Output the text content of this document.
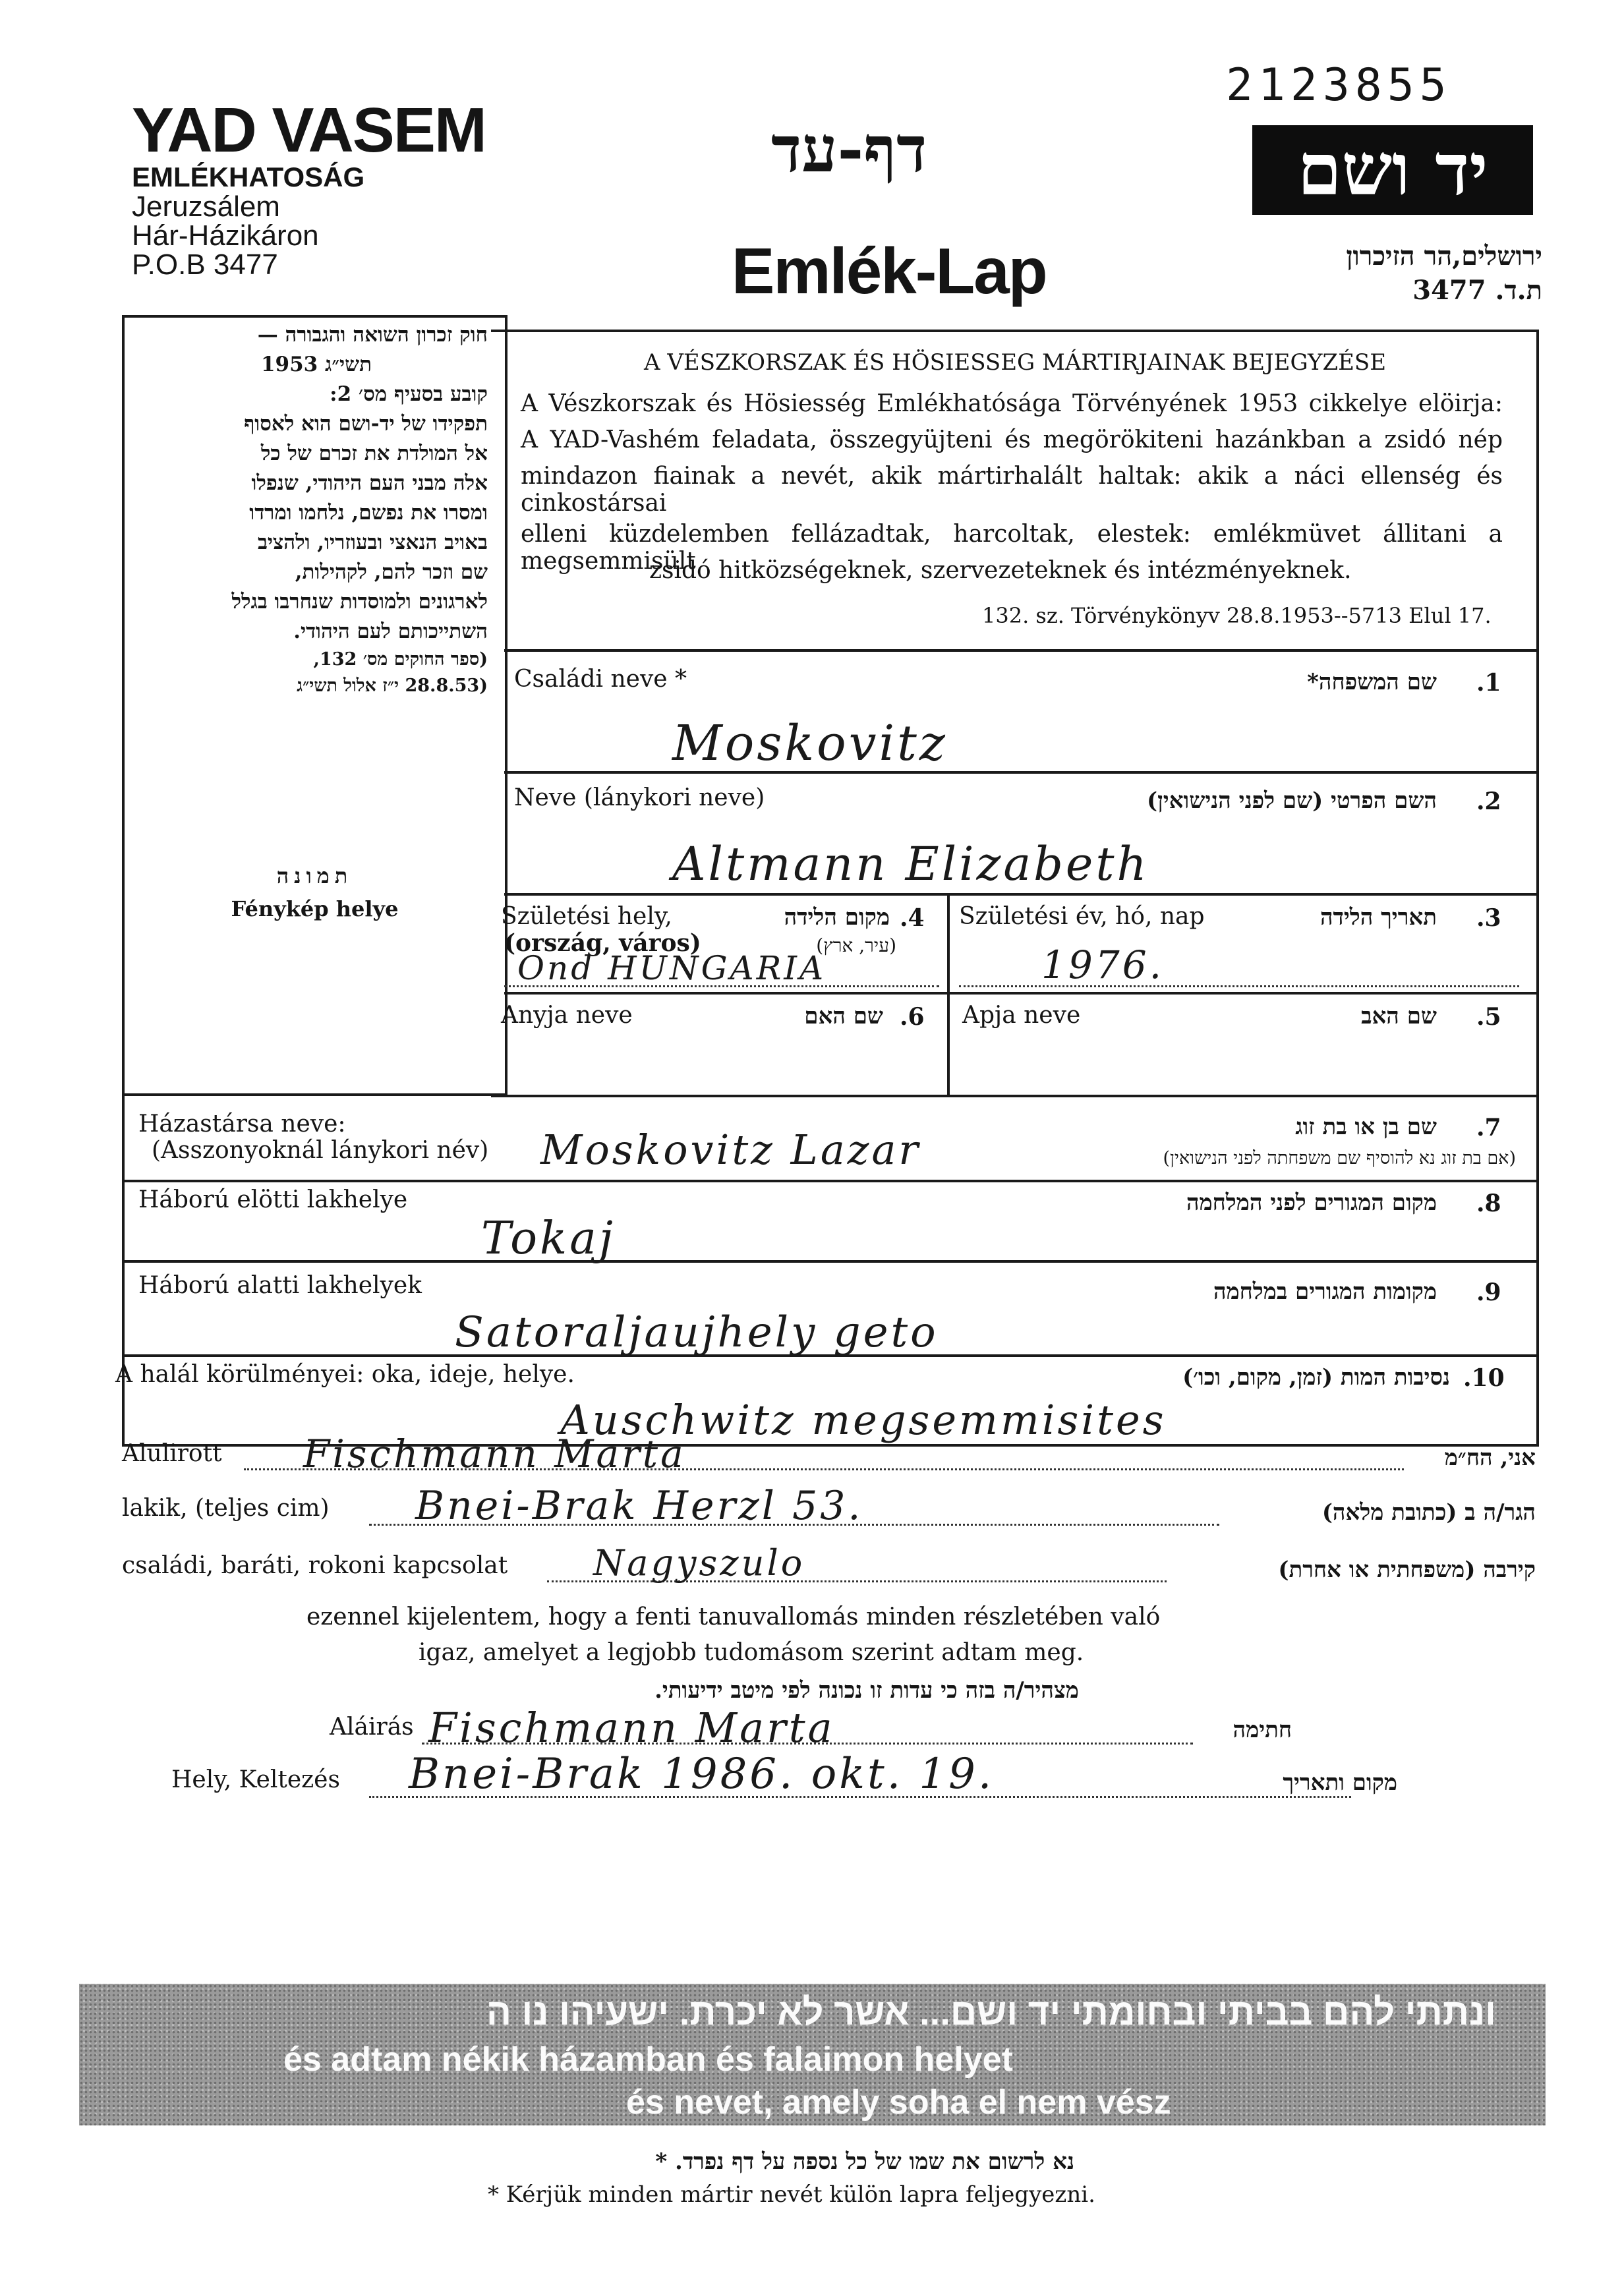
YAD VASEM
EMLÉKHATOSÁG
Jeruzsálem
Hár-Házikáron
P.O.B 3477
2123855
דף-עד
Emlék-Lap
יד ושם
ירושלים,הר הזיכרון
ת.ד. 3477
חוק זכרון השואה והגבורה —
תשי״ג 1953
קובע בסעיף מס׳ 2:
תפקידו של יד-ושם הוא לאסוף
אל המולדת את זכרם של כל
אלה מבני העם היהודי, שנפלו
ומסרו את נפשם, נלחמו ומרדו
באויב הנאצי ובעוזריו, ולהציב
שם וזכר להם, לקהילות,
לארגונים ולמוסדות שנחרבו בגלל
השתייכותם לעם היהודי.
(ספר החוקים מס׳ 132,
(28.8.53 י״ז אלול תשי״ג
תמונה
Fénykép helye
A VÉSZKORSZAK ÉS HÖSIESSEG MÁRTIRJAINAK BEJEGYZÉSE
A Vészkorszak és Hösiesség Emlékhatósága Törvényének 1953 cikkelye elöirja:
A YAD-Vashém feladata, összegyüjteni és megörökiteni hazánkban a zsidó nép
mindazon fiainak a nevét, akik mártirhalált haltak: akik a náci ellenség és cinkostársai
elleni küzdelemben fellázadtak, harcoltak, elestek: emlékmüvet állitani a megsemmisült
zsidó hitközségeknek, szervezeteknek és intézményeknek.
132. sz. Törvénykönyv 28.8.1953--5713 Elul 17.
Családi neve *	שם המשפחה* .1
Moskovitz
Neve (lánykori neve)	השם הפרטי (שם לפני הנישואין) .2
Altmann Elizabeth
Születési hely,	מקום הלידה .4
(ország, város)	(עיר, ארץ)
Ond HUNGARIA
Születési év, hó, nap	תאריך הלידה .3
1976.
Anyja neve	שם האם .6 Apja neve	שם האב .5
Házastársa neve:
(Asszonyoknál lánykori név)
שם בן או בת זוג .7
(אם בת זוג נא להוסיף שם משפחתה לפני הנישואין)
Moskovitz Lazar
Háború elötti lakhelye	מקום המגורים לפני המלחמה .8
Tokaj
Háború alatti lakhelyek	מקומות המגורים במלחמה .9
Satoraljaujhely geto
A halál körülményei: oka, ideje, helye.	נסיבות המות (זמן, מקום, וכו׳) .10
Auschwitz megsemmisites
Alulirott Fischmann Marta	אני, הח״מ
lakik, (teljes cim) Bnei-Brak Herzl 53.	הגר/ה ב (כתובת מלאה)
családi, baráti, rokoni kapcsolat Nagyszulo	קירבה (משפחתית או אחרת)
ezennel kijelentem, hogy a fenti tanuvallomás minden részletében való
igaz, amelyet a legjobb tudomásom szerint adtam meg.
מצהיר/ה בזה כי עדות זו נכונה לפי מיטב ידיעותי.
Aláirás Fischmann Marta	חתימה
Hely, Keltezés Bnei-Brak 1986. okt. 19.	מקום ותאריך
ונתתי להם בביתי ובחומתי יד ושם... אשר לא יכרת. ישעיהו נו ה
és adtam nékik házamban és falaimon helyet
és nevet, amely soha el nem vész
נא לרשום את שמו של כל נספה על דף נפרד. *
* Kérjük minden mártir nevét külön lapra feljegyezni.
